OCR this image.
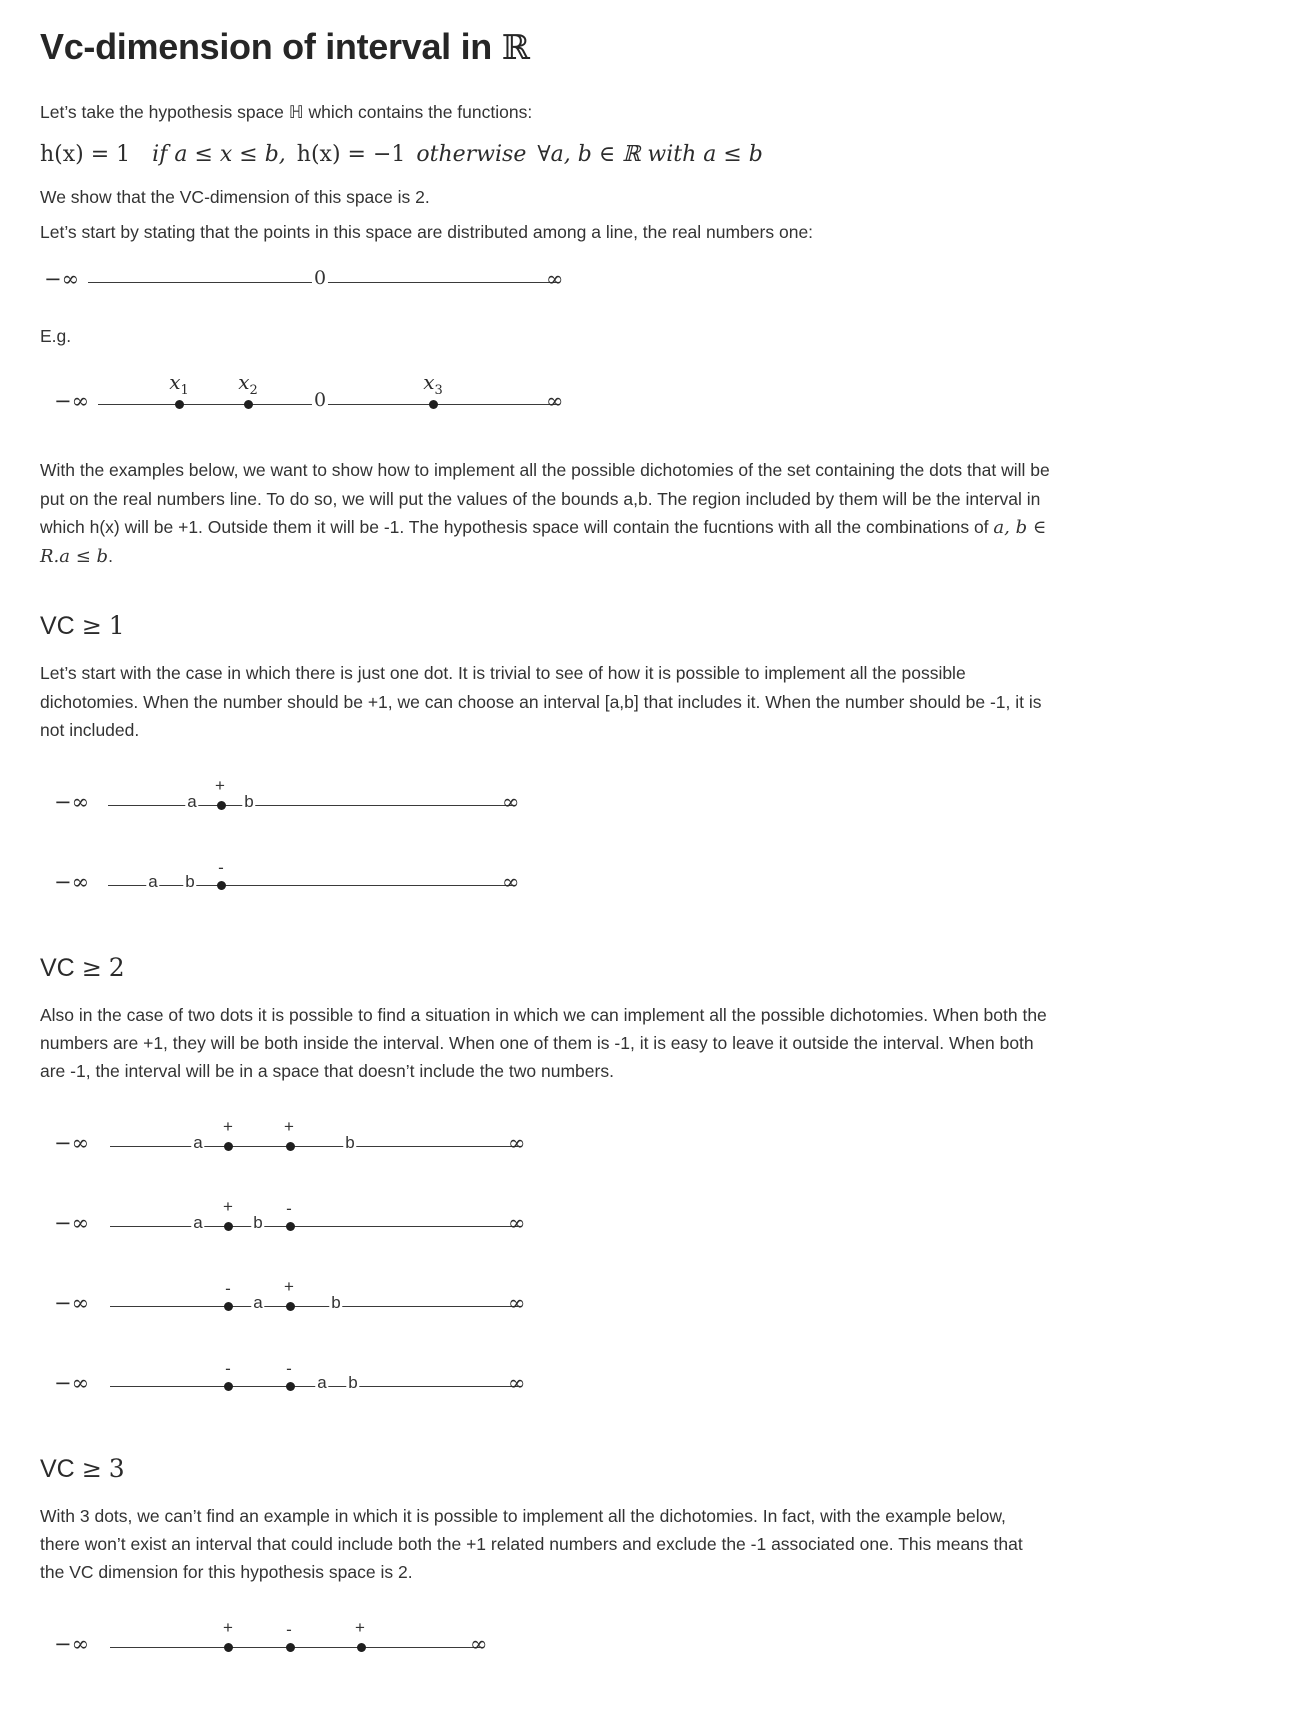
Vc-dimension of interval in ℝ

Let’s take the hypothesis space ℍ which contains the functions:

h(x) = 1 if a ≤ x ≤ b, h(x) = −1 otherwise ∀a, b ∈ ℝ with a ≤ b

We show that the VC-dimension of this space is 2.

Let’s start by stating that the points in this space are distributed among a line, the real numbers one:

−∞	0	∞

E.g.

$x_1$ $x_2$	$x_3$
−∞	0	∞

With the examples below, we want to show how to implement all the possible dichotomies of the set containing the dots that will be put on the real numbers line. To do so, we will put the values of the bounds a,b. The region included by them will be the interval in which h(x) will be +1. Outside them it will be -1. The hypothesis space will contain the fucntions with all the combinations of a, b ∈ R.a ≤ b.

VC ≥ 1

Let’s start with the case in which there is just one dot. It is trivial to see of how it is possible to implement all the possible dichotomies. When the number should be +1, we can choose an interval [a,b] that includes it. When the number should be -1, it is not included.

+
−∞	a	b	∞
-
−∞	a b	∞
VC ≥ 2

Also in the case of two dots it is possible to find a situation in which we can implement all the possible dichotomies. When both the numbers are +1, they will be both inside the interval. When one of them is -1, it is easy to leave it outside the interval. When both are -1, the interval will be in a space that doesn’t include the two numbers.

+	+
−∞	a	b	∞
+	-
−∞	a	b	∞
-	+
−∞	a	b	∞
-	-
−∞	a b	∞
VC ≥ 3

With 3 dots, we can’t find an example in which it is possible to implement all the dichotomies. In fact, with the example below, there won’t exist an interval that could include both the +1 related numbers and exclude the -1 associated one. This means that the VC dimension for this hypothesis space is 2.

+	-	+
−∞	∞
